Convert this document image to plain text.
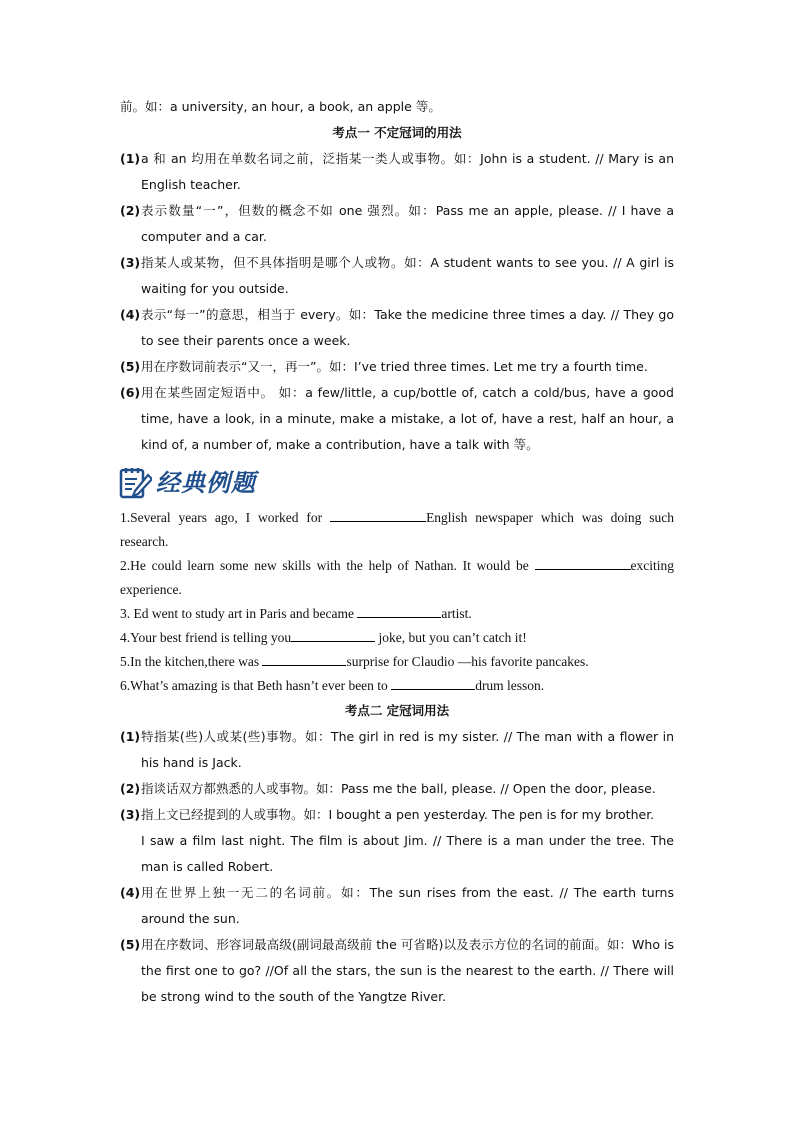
前。如：a university, an hour, a book, an apple 等。

考点一 不定冠词的用法

(1) a 和 an 均用在单数名词之前，泛指某一类人或事物。如：John is a student. // Mary is an English teacher.
(2) 表示数量“一”，但数的概念不如 one 强烈。如：Pass me an apple, please. // I have a computer and a car.
(3) 指某人或某物，但不具体指明是哪个人或物。如：A student wants to see you. // A girl is waiting for you outside.
(4) 表示“每一”的意思，相当于 every。如：Take the medicine three times a day. // They go to see their parents once a week.
(5) 用在序数词前表示“又一，再一”。如：I’ve tried three times. Let me try a fourth time.
(6) 用在某些固定短语中。 如：a few/little, a cup/bottle of, catch a cold/bus, have a good time, have a look, in a minute, make a mistake, a lot of, have a rest, half an hour, a kind of, a number of, make a contribution, have a talk with 等。
经典例题

1.Several years ago, I worked for	English newspaper which was doing such research.

2.He could learn some new skills with the help of Nathan. It would be	exciting experience.

3. Ed went to study art in Paris and became	artist.

4.Your best friend is telling you	joke, but you can’t catch it!

5.In the kitchen,there was	surprise for Claudio —his favorite pancakes.

6.What’s amazing is that Beth hasn’t ever been to	drum lesson.

考点二 定冠词用法

(1) 特指某(些)人或某(些)事物。如：The girl in red is my sister. // The man with a flower in his hand is Jack.
(2) 指谈话双方都熟悉的人或事物。如：Pass me the ball, please. // Open the door, please.
(3) 指上文已经提到的人或事物。如：I bought a pen yesterday. The pen is for my brother.

I saw a film last night. The film is about Jim. // There is a man under the tree. The man is called Robert.

(4) 用在世界上独一无二的名词前。如：The sun rises from the east. // The earth turns around the sun.
(5) 用在序数词、形容词最高级(副词最高级前 the 可省略)以及表示方位的名词的前面。如：Who is the first one to go? //Of all the stars, the sun is the nearest to the earth. // There will be strong wind to the south of the Yangtze River.
